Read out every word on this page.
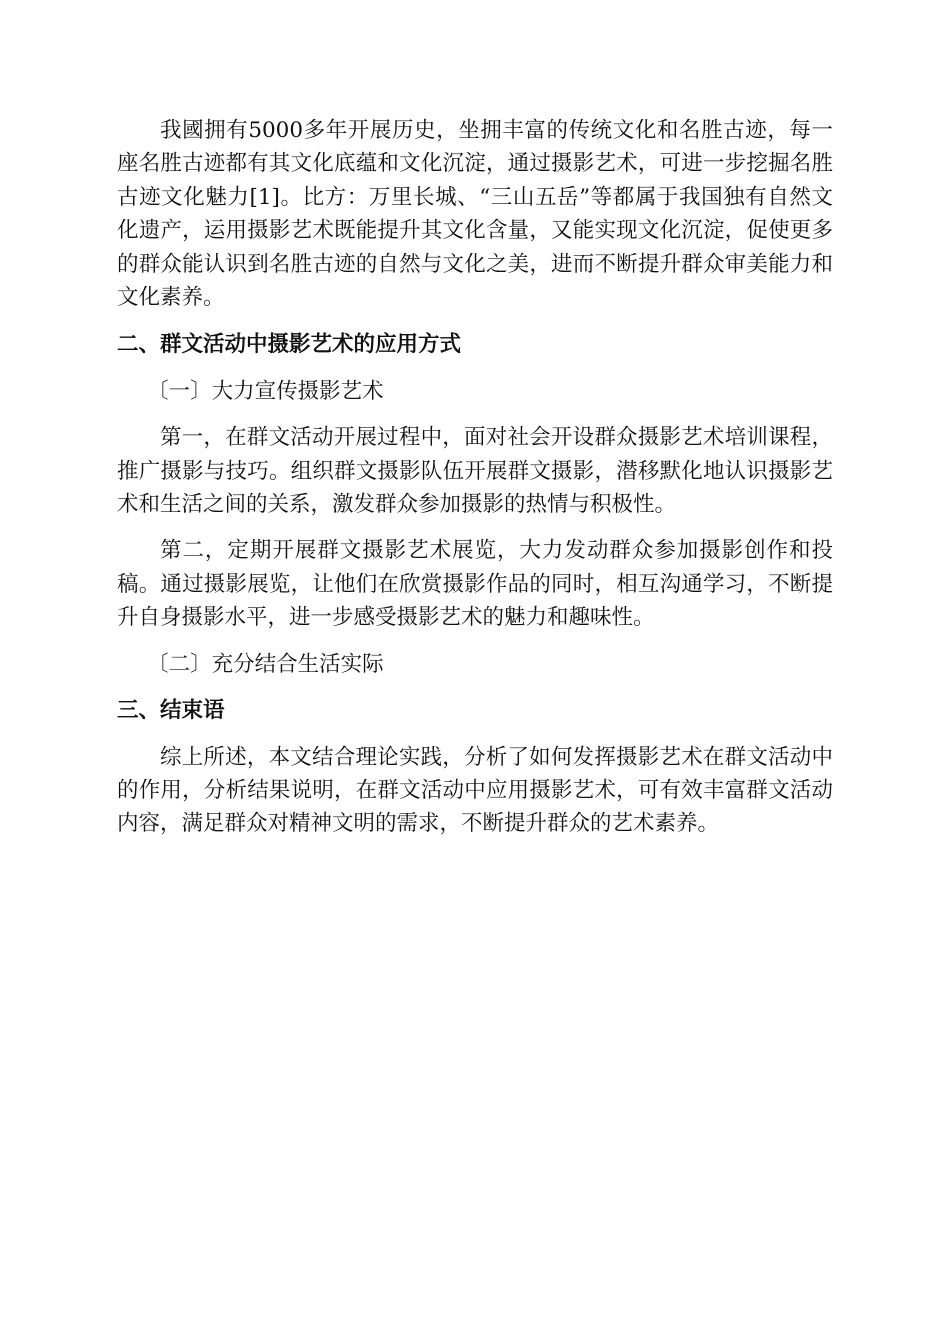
我國拥有5000多年开展历史，坐拥丰富的传统文化和名胜古迹，每一座名胜古迹都有其文化底蕴和文化沉淀，通过摄影艺术，可进一步挖掘名胜古迹文化魅力[1]。比方：万里长城、“三山五岳”等都属于我国独有自然文化遗产，运用摄影艺术既能提升其文化含量，又能实现文化沉淀，促使更多的群众能认识到名胜古迹的自然与文化之美，进而不断提升群众审美能力和文化素养。

二、群文活动中摄影艺术的应用方式

〔一〕大力宣传摄影艺术

第一，在群文活动开展过程中，面对社会开设群众摄影艺术培训课程，推广摄影与技巧。组织群文摄影队伍开展群文摄影，潜移默化地认识摄影艺术和生活之间的关系，激发群众参加摄影的热情与积极性。

第二，定期开展群文摄影艺术展览，大力发动群众参加摄影创作和投稿。通过摄影展览，让他们在欣赏摄影作品的同时，相互沟通学习，不断提升自身摄影水平，进一步感受摄影艺术的魅力和趣味性。

〔二〕充分结合生活实际

三、结束语

综上所述，本文结合理论实践，分析了如何发挥摄影艺术在群文活动中的作用，分析结果说明，在群文活动中应用摄影艺术，可有效丰富群文活动内容，满足群众对精神文明的需求，不断提升群众的艺术素养。
